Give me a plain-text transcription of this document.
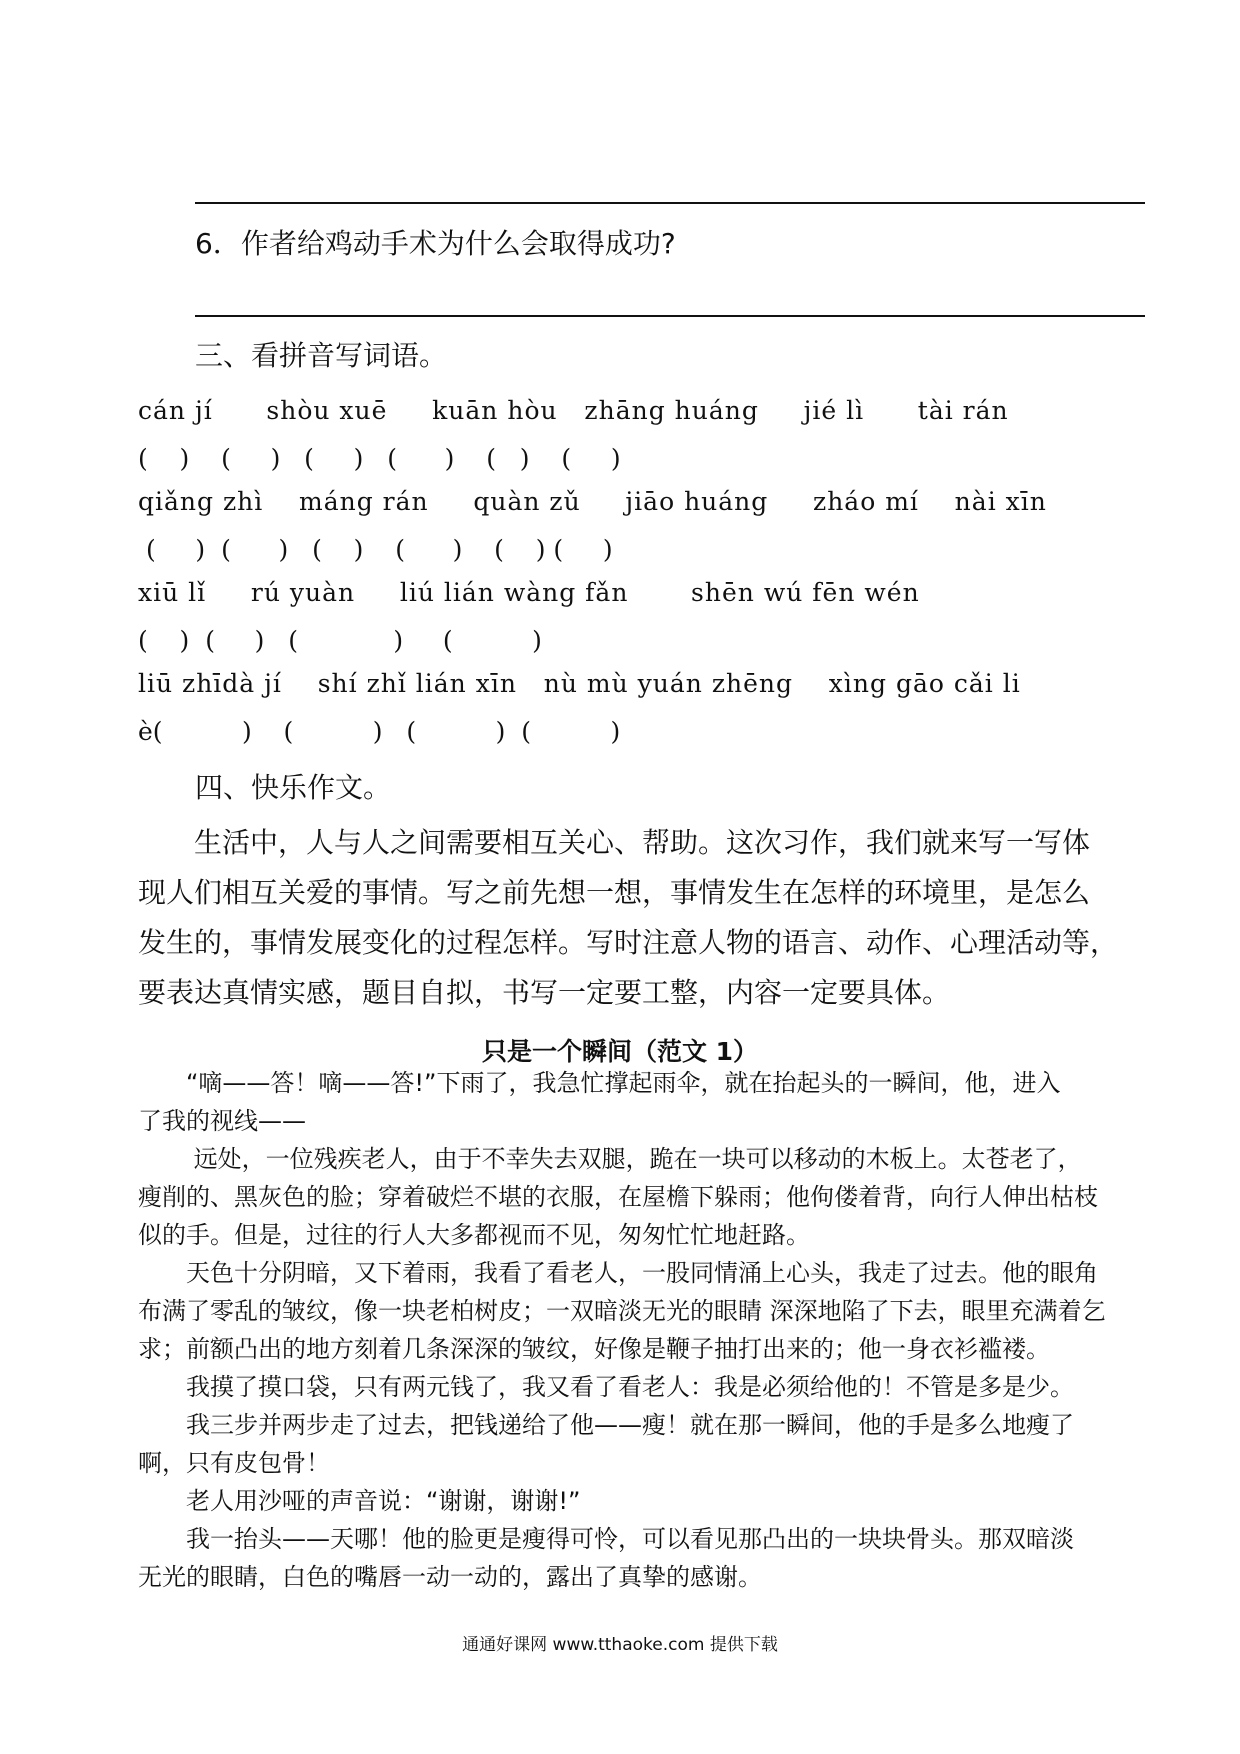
6．作者给鸡动手术为什么会取得成功?
三、看拼音写词语。
cán jí      shòu xuē     kuān hòu   zhāng huáng     jié lì      tài rán
(    )    (     )   (     )   (      )    (   )    (     )
qiǎng zhì    máng rán     quàn zǔ     jiāo huáng     zháo mí    nài xīn
(     )  (      )   (    )    (      )    (    ) (     )
xiū lǐ     rú yuàn     liú lián wàng fǎn       shēn wú fēn wén
(    )  (     )   (            )     (          )
liū zhīdà jí    shí zhǐ lián xīn   nù mù yuán zhēng    xìng gāo cǎi li
è(          )    (          )   (          )  (          )
四、快乐作文。
　　生活中，人与人之间需要相互关心、帮助。这次习作，我们就来写一写体
现人们相互关爱的事情。写之前先想一想，事情发生在怎样的环境里，是怎么
发生的，事情发展变化的过程怎样。写时注意人物的语言、动作、心理活动等，
要表达真情实感，题目自拟，书写一定要工整，内容一定要具体。
只是一个瞬间（范文 1）
　　“嘀——答！嘀——答!”下雨了，我急忙撑起雨伞，就在抬起头的一瞬间，他，进入
了我的视线——
　　 远处，一位残疾老人，由于不幸失去双腿，跪在一块可以移动的木板上。太苍老了，
瘦削的、黑灰色的脸；穿着破烂不堪的衣服，在屋檐下躲雨；他佝偻着背，向行人伸出枯枝
似的手。但是，过往的行人大多都视而不见，匆匆忙忙地赶路。
　　天色十分阴暗，又下着雨，我看了看老人，一股同情涌上心头，我走了过去。他的眼角
布满了零乱的皱纹，像一块老柏树皮；一双暗淡无光的眼睛 深深地陷了下去，眼里充满着乞
求；前额凸出的地方刻着几条深深的皱纹，好像是鞭子抽打出来的；他一身衣衫褴褛。
　　我摸了摸口袋，只有两元钱了，我又看了看老人：我是必须给他的！不管是多是少。
　　我三步并两步走了过去，把钱递给了他——瘦！就在那一瞬间，他的手是多么地瘦了
啊，只有皮包骨！
　　老人用沙哑的声音说：“谢谢，谢谢!”
　　我一抬头——天哪！他的脸更是瘦得可怜，可以看见那凸出的一块块骨头。那双暗淡
无光的眼睛，白色的嘴唇一动一动的，露出了真挚的感谢。
通通好课网 www.tthaoke.com 提供下载
